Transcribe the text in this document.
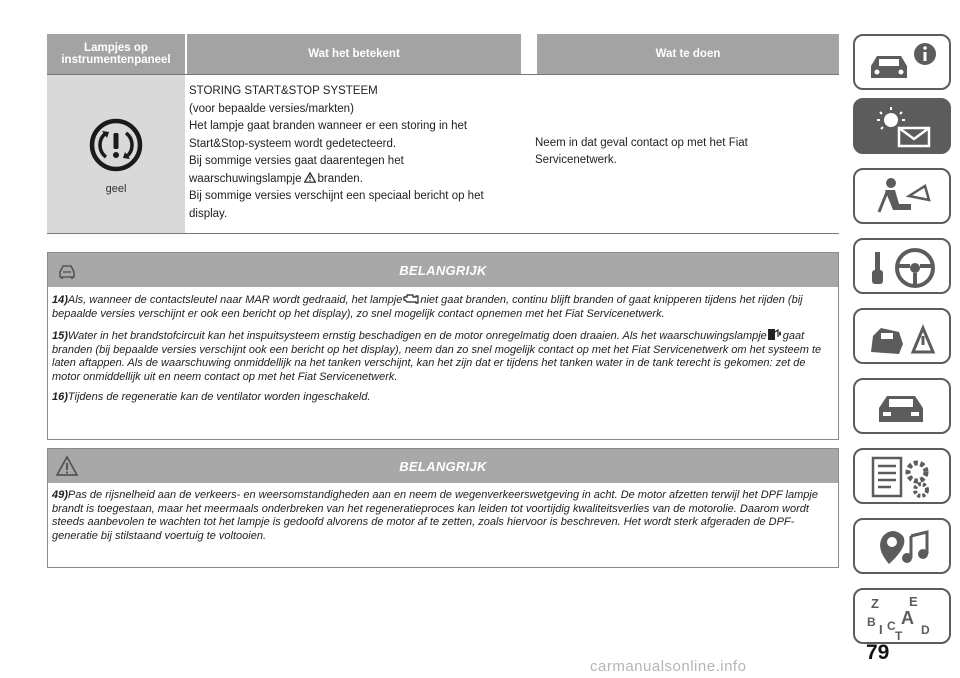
Lampjes op instrumentenpaneel	Wat het betekent	Wat te doen
geel

STORING START&STOP SYSTEEM

(voor bepaalde versies/markten)

Het lampje gaat branden wanneer er een storing in het

Start&Stop-systeem wordt gedetecteerd.

Bij sommige versies gaat daarentegen het

waarschuwingslampje branden.

Bij sommige versies verschijnt een speciaal bericht op het

display.

Neem in dat geval contact op met het Fiat
Servicenetwerk.
BELANGRIJK

14)Als, wanneer de contactsleutel naar MAR wordt gedraaid, het lampje niet gaat branden, continu blijft branden of gaat knipperen tijdens het rijden (bij bepaalde versies verschijnt er ook een bericht op het display), zo snel mogelijk contact opnemen met het Fiat Servicenetwerk.

15)Water in het brandstofcircuit kan het inspuitsysteem ernstig beschadigen en de motor onregelmatig doen draaien. Als het waarschuwingslampje gaat branden (bij bepaalde versies verschijnt ook een bericht op het display), neem dan zo snel mogelijk contact op met het Fiat Servicenetwerk om het systeem te laten aftappen. Als de waarschuwing onmiddellijk na het tanken verschijnt, kan het zijn dat er tijdens het tanken water in de tank terecht is gekomen: zet de motor onmiddellijk uit en neem contact op met het Fiat Servicenetwerk.

16)Tijdens de regeneratie kan de ventilator worden ingeschakeld.

BELANGRIJK

49)Pas de rijsnelheid aan de verkeers- en weersomstandigheden aan en neem de wegenverkeerswetgeving in acht. De motor afzetten terwijl het DPF lampje brandt is toegestaan, maar het meermaals onderbreken van het regeneratieproces kan leiden tot voortijdig kwaliteitsverlies van de motorolie. Daarom wordt steeds aanbevolen te wachten tot het lampje is gedoofd alvorens de motor af te zetten, zoals hiervoor is beschreven. Het wordt sterk afgeraden de DPF-generatie bij stilstaand voertuig te voltooien.

Z E
A
B I C D
T
79
carmanualsonline.info
